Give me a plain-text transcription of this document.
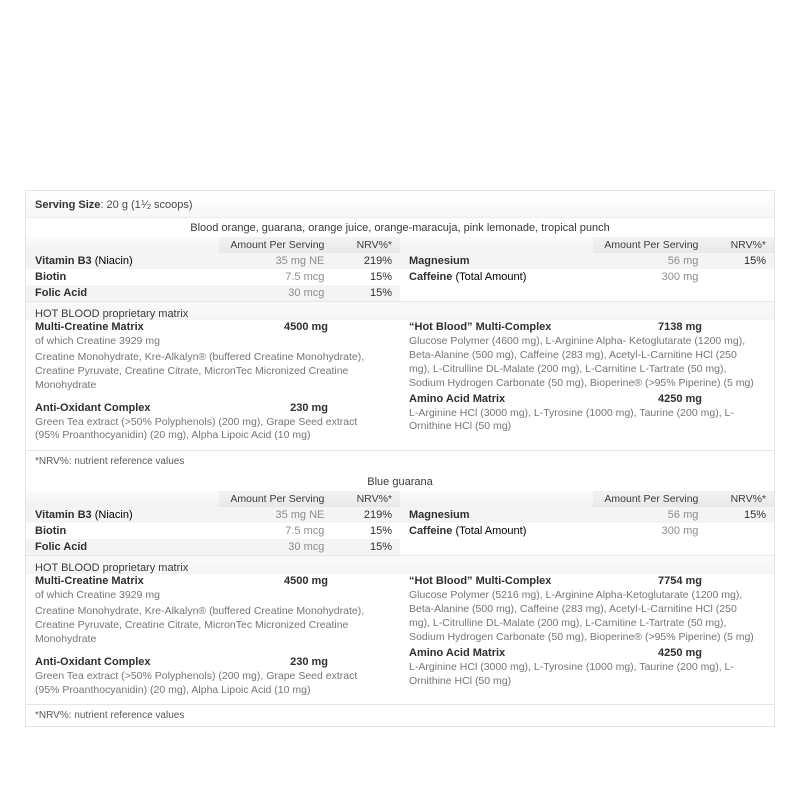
Serving Size: 20 g ($1^1⁄_2$ scoops)
Blood orange, guarana, orange juice, orange-maracuja, pink lemonade, tropical punch
	Amount Per Serving	NRV%*
Vitamin B3 (Niacin)	35 mg NE	219%
Biotin	7.5 mcg	15%
Folic Acid	30 mcg	15%
	Amount Per Serving	NRV%*
Magnesium	56 mg	15%
Caffeine (Total Amount)	300 mg	
HOT BLOOD proprietary matrix
Multi-Creatine Matrix	4500 mg
of which Creatine 3929 mg
Creatine Monohydrate, Kre-Alkalyn® (buffered Creatine Monohydrate), Creatine Pyruvate, Creatine Citrate, MicronTec Micronized Creatine Monohydrate
Anti-Oxidant Complex	230 mg
Green Tea extract (>50% Polyphenols) (200 mg), Grape Seed extract (95% Proanthocyanidin) (20 mg), Alpha Lipoic Acid (10 mg)
“Hot Blood” Multi-Complex	7138 mg
Glucose Polymer (4600 mg), L-Arginine Alpha- Ketoglutarate (1200 mg), Beta-Alanine (500 mg), Caffeine (283 mg), Acetyl-L-Carnitine HCl (250 mg), L-Citrulline DL-Malate (200 mg), L-Carnitine L-Tartrate (50 mg), Sodium Hydrogen Carbonate (50 mg), Bioperine® (>95% Piperine) (5 mg)
Amino Acid Matrix	4250 mg
L-Arginine HCl (3000 mg), L-Tyrosine (1000 mg), Taurine (200 mg), L-Ornithine HCl (50 mg)
*NRV%: nutrient reference values
Blue guarana
	Amount Per Serving	NRV%*
Vitamin B3 (Niacin)	35 mg NE	219%
Biotin	7.5 mcg	15%
Folic Acid	30 mcg	15%
	Amount Per Serving	NRV%*
Magnesium	56 mg	15%
Caffeine (Total Amount)	300 mg	
HOT BLOOD proprietary matrix
Multi-Creatine Matrix	4500 mg
of which Creatine 3929 mg
Creatine Monohydrate, Kre-Alkalyn® (buffered Creatine Monohydrate), Creatine Pyruvate, Creatine Citrate, MicronTec Micronized Creatine Monohydrate
Anti-Oxidant Complex	230 mg
Green Tea extract (>50% Polyphenols) (200 mg), Grape Seed extract (95% Proanthocyanidin) (20 mg), Alpha Lipoic Acid (10 mg)
“Hot Blood” Multi-Complex	7754 mg
Glucose Polymer (5216 mg), L-Arginine Alpha-Ketoglutarate (1200 mg), Beta-Alanine (500 mg), Caffeine (283 mg), Acetyl-L-Carnitine HCl (250 mg), L-Citrulline DL-Malate (200 mg), L-Carnitine L-Tartrate (50 mg), Sodium Hydrogen Carbonate (50 mg), Bioperine® (>95% Piperine) (5 mg)
Amino Acid Matrix	4250 mg
L-Arginine HCl (3000 mg), L-Tyrosine (1000 mg), Taurine (200 mg), L-Ornithine HCl (50 mg)
*NRV%: nutrient reference values
